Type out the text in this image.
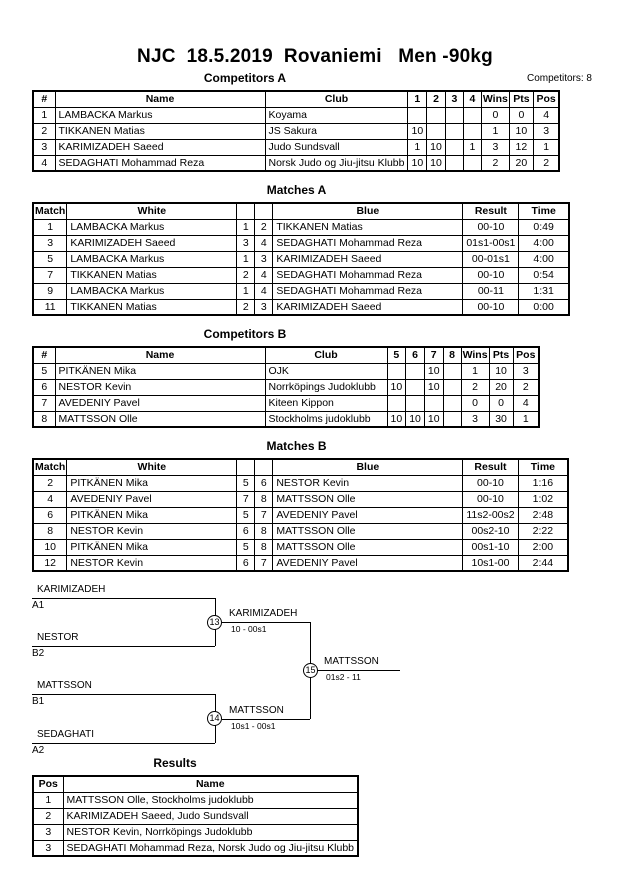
NJC  18.5.2019  Rovaniemi   Men -90kg
Competitors A	Competitors: 8
#	Name	Club	1	2	3	4	Wins	Pts	Pos
1	LAMBACKA Markus	Koyama					0	0	4
2	TIKKANEN Matias	JS Sakura	10				1	10	3
3	KARIMIZADEH Saeed	Judo Sundsvall	1	10		1	3	12	1
4	SEDAGHATI Mohammad Reza	Norsk Judo og Jiu-jitsu Klubb	10	10			2	20	2
Matches A
Match	White			Blue	Result	Time
1	LAMBACKA Markus	1	2	TIKKANEN Matias	00-10	0:49
3	KARIMIZADEH Saeed	3	4	SEDAGHATI Mohammad Reza	01s1-00s1	4:00
5	LAMBACKA Markus	1	3	KARIMIZADEH Saeed	00-01s1	4:00
7	TIKKANEN Matias	2	4	SEDAGHATI Mohammad Reza	00-10	0:54
9	LAMBACKA Markus	1	4	SEDAGHATI Mohammad Reza	00-11	1:31
11	TIKKANEN Matias	2	3	KARIMIZADEH Saeed	00-10	0:00
Competitors B
#	Name	Club	5	6	7	8	Wins	Pts	Pos
5	PITKÄNEN Mika	OJK			10		1	10	3
6	NESTOR Kevin	Norrköpings Judoklubb	10		10		2	20	2
7	AVEDENIY Pavel	Kiteen Kippon					0	0	4
8	MATTSSON Olle	Stockholms judoklubb	10	10	10		3	30	1
Matches B
Match	White			Blue	Result	Time
2	PITKÄNEN Mika	5	6	NESTOR Kevin	00-10	1:16
4	AVEDENIY Pavel	7	8	MATTSSON Olle	00-10	1:02
6	PITKÄNEN Mika	5	7	AVEDENIY Pavel	11s2-00s2	2:48
8	NESTOR Kevin	6	8	MATTSSON Olle	00s2-10	2:22
10	PITKÄNEN Mika	5	8	MATTSSON Olle	00s1-10	2:00
12	NESTOR Kevin	6	7	AVEDENIY Pavel	10s1-00	2:44
KARIMIZADEH
A1
NESTOR
B2
13
KARIMIZADEH
10 - 00s1
MATTSSON
B1
SEDAGHATI
A2
14
MATTSSON
10s1 - 00s1
15
MATTSSON
01s2 - 11
Results
Pos	Name
1	MATTSSON Olle, Stockholms judoklubb
2	KARIMIZADEH Saeed, Judo Sundsvall
3	NESTOR Kevin, Norrköpings Judoklubb
3	SEDAGHATI Mohammad Reza, Norsk Judo og Jiu-jitsu Klubb
